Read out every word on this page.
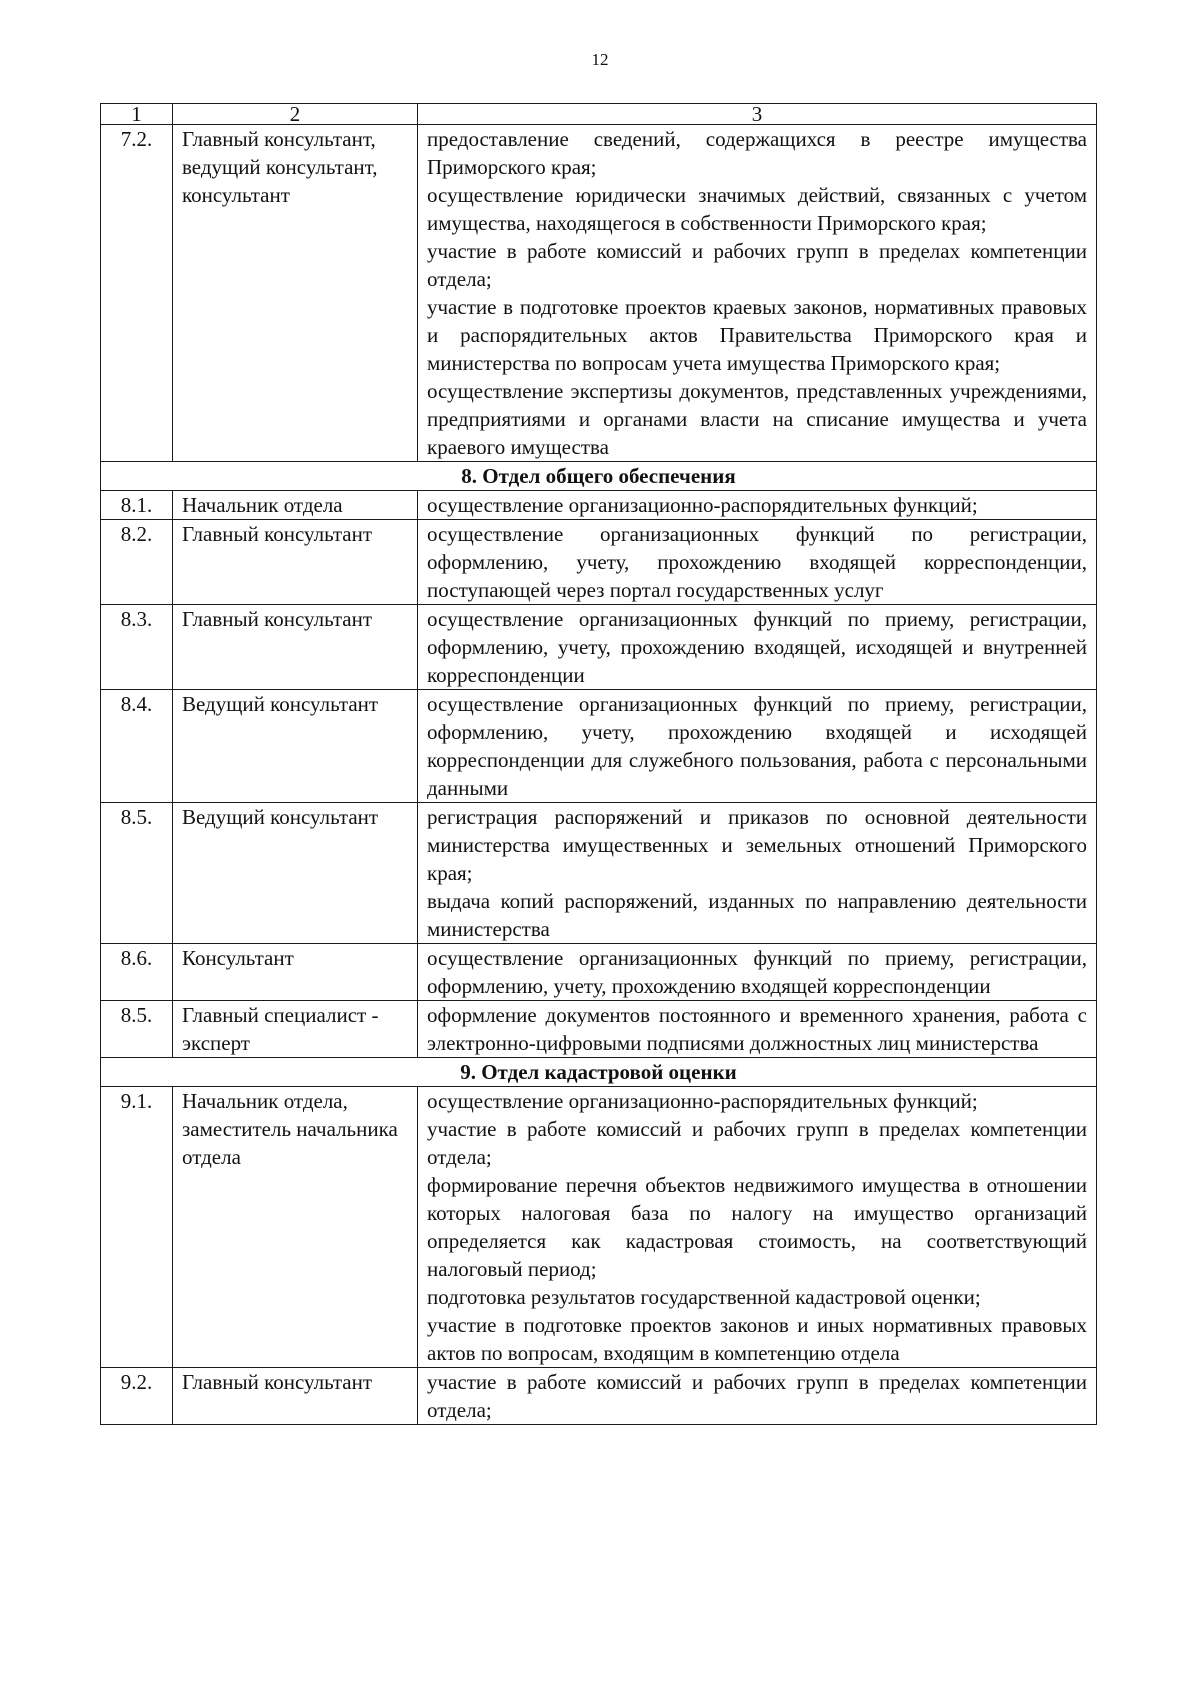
12
1	2	3
7.2.	Главный консультант, ведущий консультант, консультант	предоставление сведений, содержащихся в реестре имущества Приморского края;
осуществление юридически значимых действий, связанных с учетом имущества, находящегося в собственности Приморского края;
участие в работе комиссий и рабочих групп в пределах компетенции отдела;
участие в подготовке проектов краевых законов, нормативных правовых и распорядительных актов Правительства Приморского края и министерства по вопросам учета имущества Приморского края;
осуществление экспертизы документов, представленных учреждениями, предприятиями и органами власти на списание имущества и учета краевого имущества

8. Отдел общего обеспечения		
8.1.	Начальник отдела	осуществление организационно-распорядительных функций;

8.2.	Главный консультант	осуществление организационных функций по регистрации, оформлению, учету, прохождению входящей корреспонденции, поступающей через портал государственных услуг

8.3.	Главный консультант	осуществление организационных функций по приему, регистрации, оформлению, учету, прохождению входящей, исходящей и внутренней корреспонденции

8.4.	Ведущий консультант	осуществление организационных функций по приему, регистрации, оформлению, учету, прохождению входящей и исходящей корреспонденции для служебного пользования, работа с персональными данными

8.5.	Ведущий консультант	регистрация распоряжений и приказов по основной деятельности министерства имущественных и земельных отношений Приморского края;
выдача копий распоряжений, изданных по направлению деятельности министерства

8.6.	Консультант	осуществление организационных функций по приему, регистрации, оформлению, учету, прохождению входящей корреспонденции

8.5.	Главный специалист - эксперт	оформление документов постоянного и временного хранения, работа с электронно-цифровыми подписями должностных лиц министерства

9. Отдел кадастровой оценки		
9.1.	Начальник отдела, заместитель начальника отдела	осуществление организационно-распорядительных функций;
участие в работе комиссий и рабочих групп в пределах компетенции отдела;
формирование перечня объектов недвижимого имущества в отношении которых налоговая база по налогу на имущество организаций определяется как кадастровая стоимость, на соответствующий налоговый период;
подготовка результатов государственной кадастровой оценки;
участие в подготовке проектов законов и иных нормативных правовых актов по вопросам, входящим в компетенцию отдела

9.2.	Главный консультант	участие в работе комиссий и рабочих групп в пределах компетенции отдела;
